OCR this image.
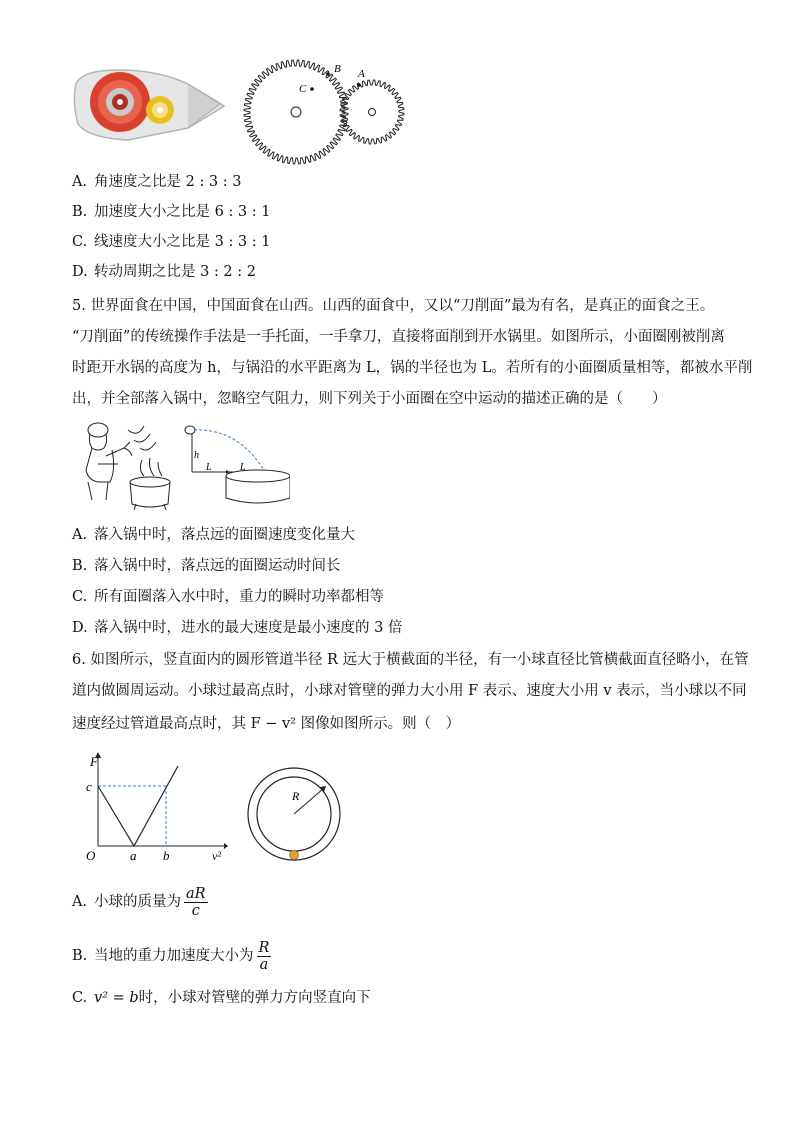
B A
C
A. 角速度之比是 2 : 3 : 3
B. 加速度大小之比是 6 : 3 : 1
C. 线速度大小之比是 3 : 3 : 1
D. 转动周期之比是 3 : 2 : 2
5. 世界面食在中国，中国面食在山西。山西的面食中，又以“刀削面”最为有名，是真正的面食之王。
“刀削面”的传统操作手法是一手托面，一手拿刀，直接将面削到开水锅里。如图所示，小面圈刚被削离
时距开水锅的高度为 h，与锅沿的水平距离为 L，锅的半径也为 L。若所有的小面圈质量相等，都被水平削
出，并全部落入锅中，忽略空气阻力，则下列关于小面圈在空中运动的描述正确的是（　　）
h
L	L
A. 落入锅中时，落点远的面圈速度变化量大
B. 落入锅中时，落点远的面圈运动时间长
C. 所有面圈落入水中时，重力的瞬时功率都相等
D. 落入锅中时，进水的最大速度是最小速度的 3 倍
6. 如图所示，竖直面内的圆形管道半径 R 远大于横截面的半径，有一小球直径比管横截面直径略小，在管
道内做圆周运动。小球过最高点时，小球对管壁的弹力大小用 F 表示、速度大小用 v 表示，当小球以不同
速度经过管道最高点时，其 F − v² 图像如图所示。则（　）
F
c
O	a b	v²
R
A. 小球的质量为 $\frac{aR}{c}$
B. 当地的重力加速度大小为 $\frac{R}{a}$
C. v² = b时，小球对管壁的弹力方向竖直向下
